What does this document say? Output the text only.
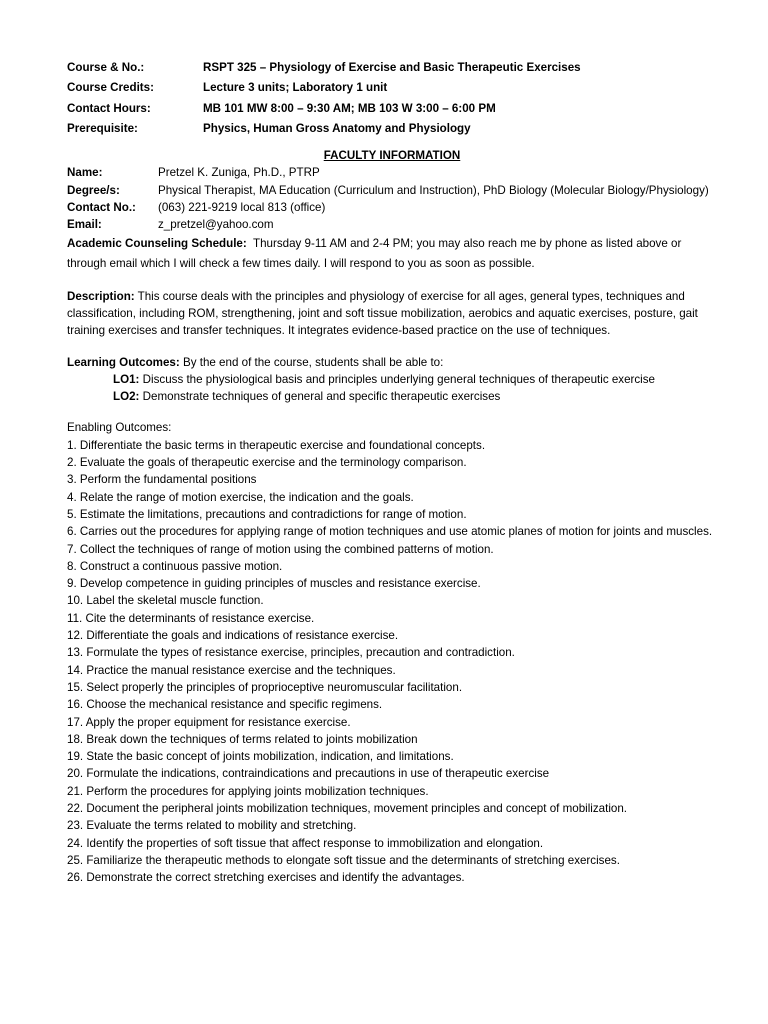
Course & No.:	RSPT 325 – Physiology of Exercise and Basic Therapeutic Exercises
Course Credits:	Lecture 3 units; Laboratory 1 unit
Contact Hours:	MB 101 MW 8:00 – 9:30 AM; MB 103 W 3:00 – 6:00 PM
Prerequisite:	Physics, Human Gross Anatomy and Physiology
FACULTY INFORMATION
Name:	Pretzel K. Zuniga, Ph.D., PTRP
Degree/s:	Physical Therapist, MA Education (Curriculum and Instruction), PhD Biology (Molecular Biology/Physiology)
Contact No.:	(063) 221-9219 local 813 (office)
Email:	z_pretzel@yahoo.com

Academic Counseling Schedule: Thursday 9-11 AM and 2-4 PM; you may also reach me by phone as listed above or through email which I will check a few times daily. I will respond to you as soon as possible.

Description: This course deals with the principles and physiology of exercise for all ages, general types, techniques and classification, including ROM, strengthening, joint and soft tissue mobilization, aerobics and aquatic exercises, posture, gait training exercises and transfer techniques. It integrates evidence-based practice on the use of techniques.

Learning Outcomes: By the end of the course, students shall be able to:
LO1: Discuss the physiological basis and principles underlying general techniques of therapeutic exercise
LO2: Demonstrate techniques of general and specific therapeutic exercises
Enabling Outcomes:
1. Differentiate the basic terms in therapeutic exercise and foundational concepts.
2. Evaluate the goals of therapeutic exercise and the terminology comparison.
3. Perform the fundamental positions
4. Relate the range of motion exercise, the indication and the goals.
5. Estimate the limitations, precautions and contradictions for range of motion.
6. Carries out the procedures for applying range of motion techniques and use atomic planes of motion for joints and muscles.
7. Collect the techniques of range of motion using the combined patterns of motion.
8. Construct a continuous passive motion.
9. Develop competence in guiding principles of muscles and resistance exercise.
10. Label the skeletal muscle function.
11. Cite the determinants of resistance exercise.
12. Differentiate the goals and indications of resistance exercise.
13. Formulate the types of resistance exercise, principles, precaution and contradiction.
14. Practice the manual resistance exercise and the techniques.
15. Select properly the principles of proprioceptive neuromuscular facilitation.
16. Choose the mechanical resistance and specific regimens.
17. Apply the proper equipment for resistance exercise.
18. Break down the techniques of terms related to joints mobilization
19. State the basic concept of joints mobilization, indication, and limitations.
20. Formulate the indications, contraindications and precautions in use of therapeutic exercise
21. Perform the procedures for applying joints mobilization techniques.
22. Document the peripheral joints mobilization techniques, movement principles and concept of mobilization.
23. Evaluate the terms related to mobility and stretching.
24. Identify the properties of soft tissue that affect response to immobilization and elongation.
25. Familiarize the therapeutic methods to elongate soft tissue and the determinants of stretching exercises.
26. Demonstrate the correct stretching exercises and identify the advantages.
